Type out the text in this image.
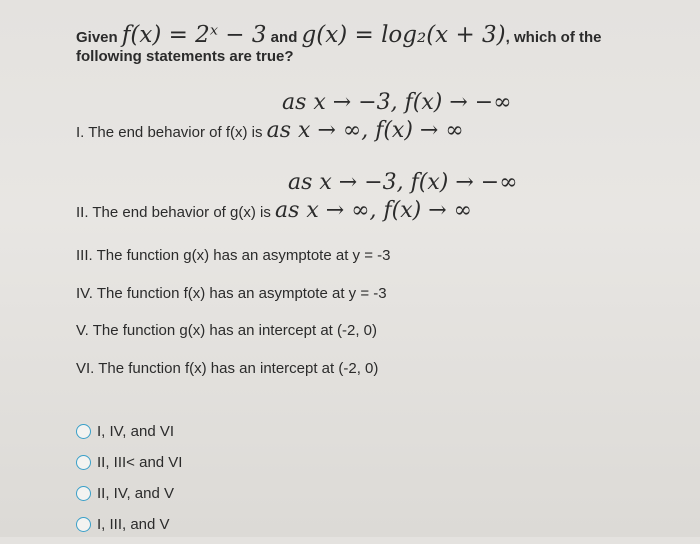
Given f(x) = 2ˣ − 3 and g(x) = log₂(x + 3), which of the
following statements are true?
as x → −3, f(x) → −∞
I. The end behavior of f(x) is as x → ∞, f(x) → ∞
as x → −3, f(x) → −∞
II. The end behavior of g(x) is as x → ∞, f(x) → ∞
III. The function g(x) has an asymptote at y = -3
IV. The function f(x) has an asymptote at y = -3
V. The function g(x) has an intercept at (-2, 0)
VI. The function f(x) has an intercept at (-2, 0)
I, IV, and VI
II, III< and VI
II, IV, and V
I, III, and V
